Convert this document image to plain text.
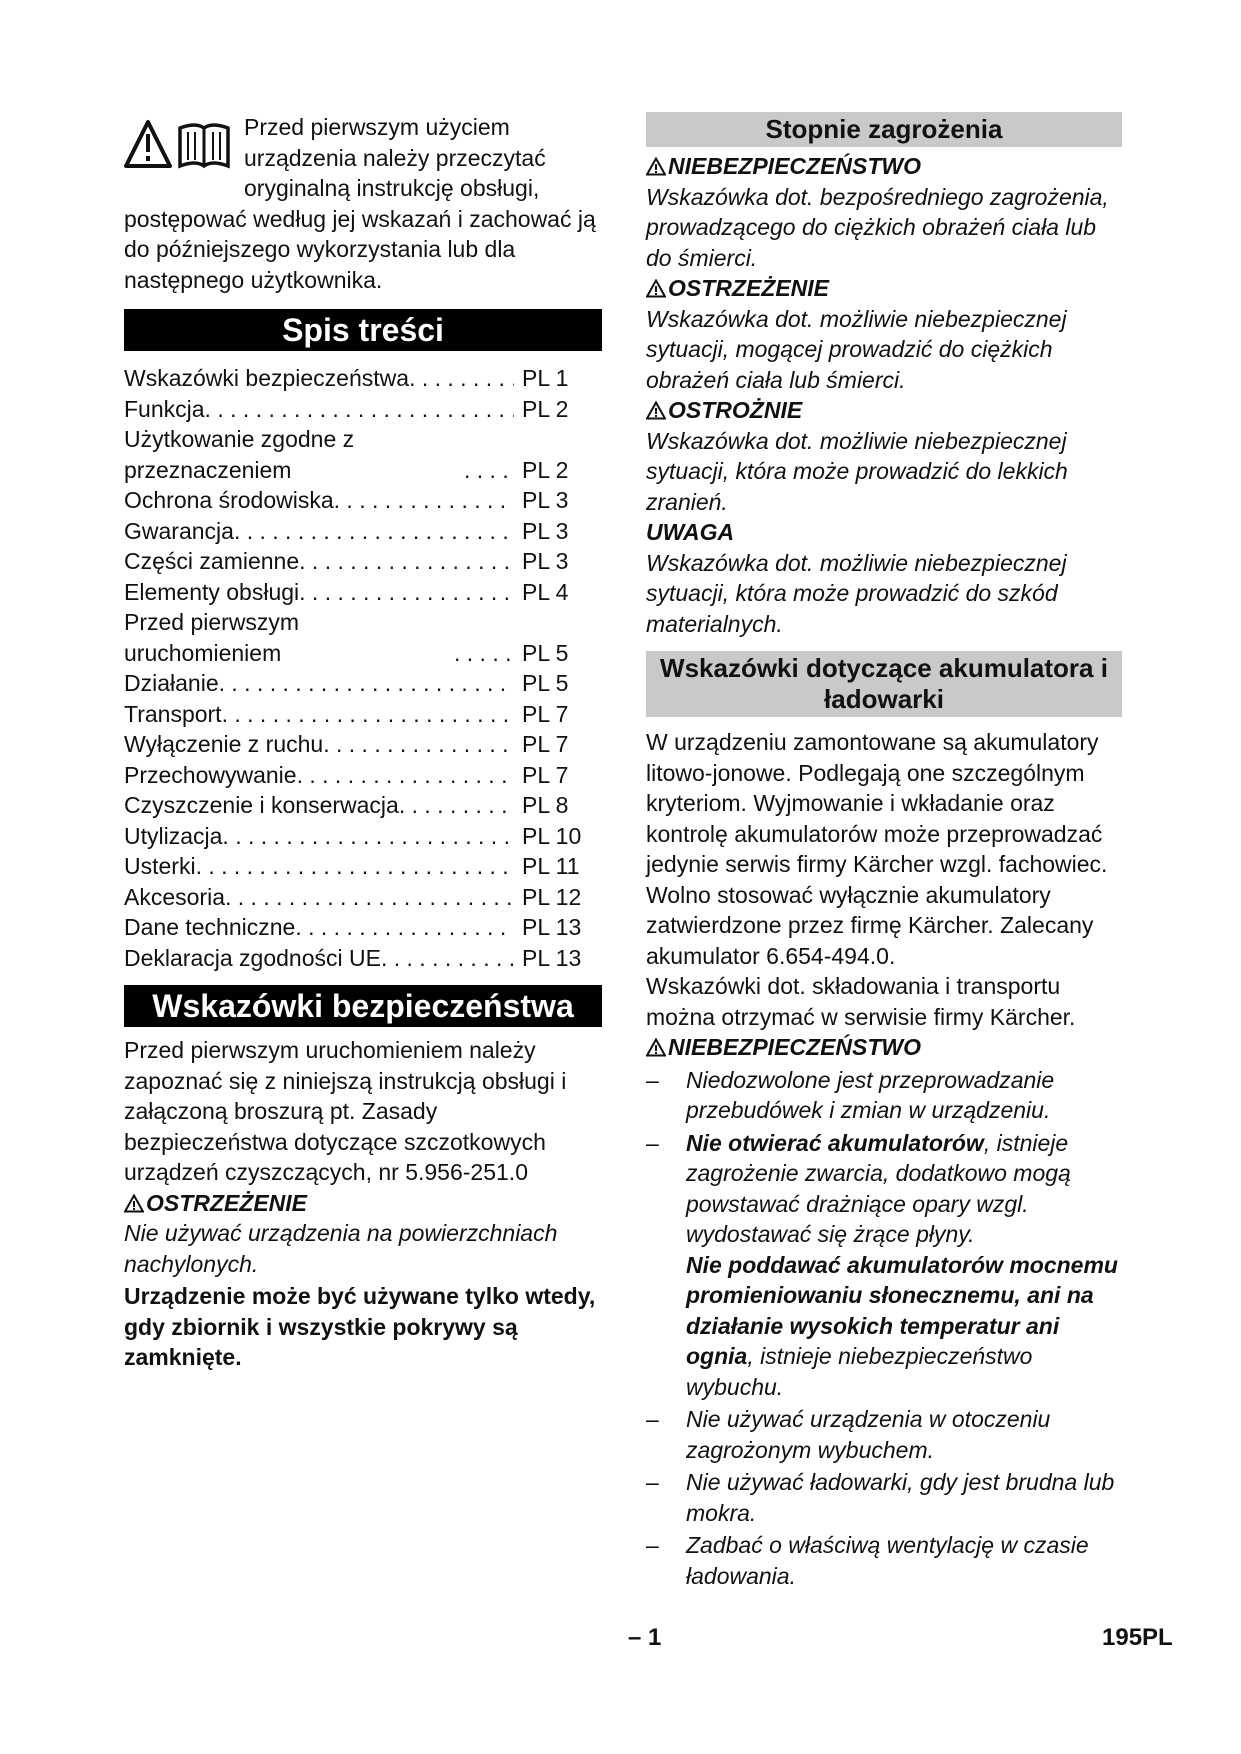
Przed pierwszym użyciem urządzenia należy przeczytać oryginalną instrukcję obsługi, postępować według jej wskazań i zachować ją do późniejszego wykorzystania lub dla następnego użytkownika.

Spis treści
Wskazówki bezpieczeństwa . . .	PL 1
Funkcja . . .	PL 2
Użytkowanie zgodne z przeznaczeniem . . .	PL 2
Ochrona środowiska . . .	PL 3
Gwarancja . . .	PL 3
Części zamienne . . .	PL 3
Elementy obsługi . . .	PL 4
Przed pierwszym uruchomieniem . . .	PL 5
Działanie . . .	PL 5
Transport . . .	PL 7
Wyłączenie z ruchu . . .	PL 7
Przechowywanie . . .	PL 7
Czyszczenie i konserwacja . . .	PL 8
Utylizacja . . .	PL 10
Usterki . . .	PL 11
Akcesoria . . .	PL 12
Dane techniczne . . .	PL 13
Deklaracja zgodności UE . . .	PL 13
Wskazówki bezpieczeństwa

Przed pierwszym uruchomieniem należy zapoznać się z niniejszą instrukcją obsługi i załączoną broszurą pt. Zasady bezpieczeństwa dotyczące szczotkowych urządzeń czyszczących, nr 5.956-251.0

OSTRZEŻENIE

Nie używać urządzenia na powierzchniach nachylonych.

Urządzenie może być używane tylko wtedy, gdy zbiornik i wszystkie pokrywy są zamknięte.

Stopnie zagrożenia
NIEBEZPIECZEŃSTWO

Wskazówka dot. bezpośredniego zagrożenia, prowadzącego do ciężkich obrażeń ciała lub do śmierci.

OSTRZEŻENIE

Wskazówka dot. możliwie niebezpiecznej sytuacji, mogącej prowadzić do ciężkich obrażeń ciała lub śmierci.

OSTROŻNIE

Wskazówka dot. możliwie niebezpiecznej sytuacji, która może prowadzić do lekkich zranień.

UWAGA

Wskazówka dot. możliwie niebezpiecznej sytuacji, która może prowadzić do szkód materialnych.

Wskazówki dotyczące akumulatora i ładowarki

W urządzeniu zamontowane są akumulatory litowo-jonowe. Podlegają one szczególnym kryteriom. Wyjmowanie i wkładanie oraz kontrolę akumulatorów może przeprowadzać jedynie serwis firmy Kärcher wzgl. fachowiec.

Wolno stosować wyłącznie akumulatory zatwierdzone przez firmę Kärcher. Zalecany akumulator 6.654-494.0.

Wskazówki dot. składowania i transportu można otrzymać w serwisie firmy Kärcher.

NIEBEZPIECZEŃSTWO
– Niedozwolone jest przeprowadzanie przebudówek i zmian w urządzeniu.
– Nie otwierać akumulatorów, istnieje zagrożenie zwarcia, dodatkowo mogą powstawać drażniące opary wzgl. wydostawać się żrące płyny.
Nie poddawać akumulatorów mocnemu promieniowaniu słonecznemu, ani na działanie wysokich temperatur ani ognia, istnieje niebezpieczeństwo wybuchu.
– Nie używać urządzenia w otoczeniu zagrożonym wybuchem.
– Nie używać ładowarki, gdy jest brudna lub mokra.
– Zadbać o właściwą wentylację w czasie ładowania.
– 1	195PL
